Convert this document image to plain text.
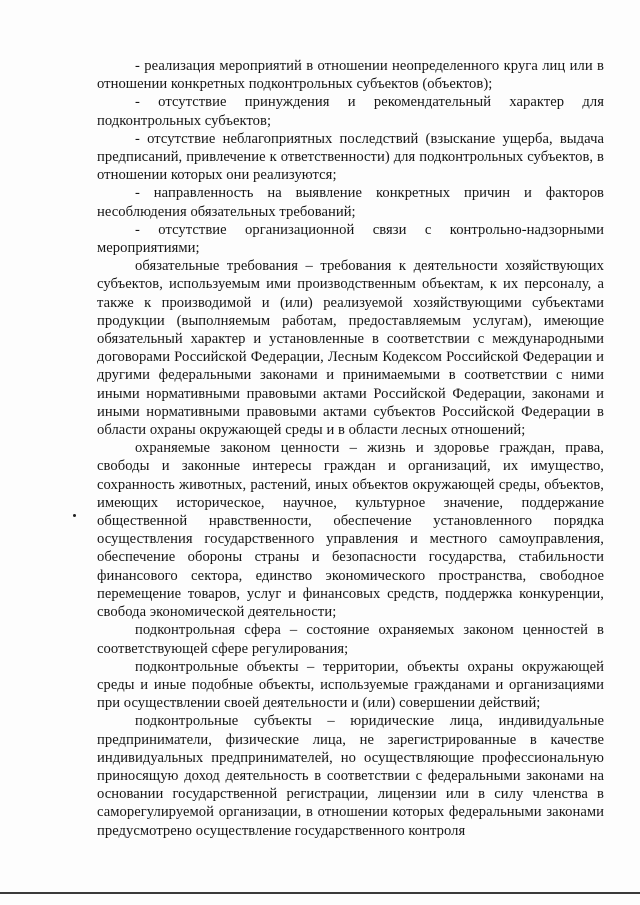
- реализация мероприятий в отношении неопределенного круга лиц или в отношении конкретных подконтрольных субъектов (объектов);

- отсутствие принуждения и рекомендательный характер для подконтрольных субъектов;

- отсутствие неблагоприятных последствий (взыскание ущерба, выдача предписаний, привлечение к ответственности) для подконтрольных субъектов, в отношении которых они реализуются;

- направленность на выявление конкретных причин и факторов несоблюдения обязательных требований;

- отсутствие организационной связи с контрольно-надзорными мероприятиями;

обязательные требования – требования к деятельности хозяйствующих субъектов, используемым ими производственным объектам, к их персоналу, а также к производимой и (или) реализуемой хозяйствующими субъектами продукции (выполняемым работам, предоставляемым услугам), имеющие обязательный характер и установленные в соответствии с международными договорами Российской Федерации, Лесным Кодексом Российской Федерации и другими федеральными законами и принимаемыми в соответствии с ними иными нормативными правовыми актами Российской Федерации, законами и иными нормативными правовыми актами субъектов Российской Федерации в области охраны окружающей среды и в области лесных отношений;

охраняемые законом ценности – жизнь и здоровье граждан, права, свободы и законные интересы граждан и организаций, их имущество, сохранность животных, растений, иных объектов окружающей среды, объектов, имеющих историческое, научное, культурное значение, поддержание общественной нравственности, обеспечение установленного порядка осуществления государственного управления и местного самоуправления, обеспечение обороны страны и безопасности государства, стабильности финансового сектора, единство экономического пространства, свободное перемещение товаров, услуг и финансовых средств, поддержка конкуренции, свобода экономической деятельности;

подконтрольная сфера – состояние охраняемых законом ценностей в соответствующей сфере регулирования;

подконтрольные объекты – территории, объекты охраны окружающей среды и иные подобные объекты, используемые гражданами и организациями при осуществлении своей деятельности и (или) совершении действий;

подконтрольные субъекты – юридические лица, индивидуальные предприниматели, физические лица, не зарегистрированные в качестве индивидуальных предпринимателей, но осуществляющие профессиональную приносящую доход деятельность в соответствии с федеральными законами на основании государственной регистрации, лицензии или в силу членства в саморегулируемой организации, в отношении которых федеральными законами предусмотрено осуществление государственного контроля
